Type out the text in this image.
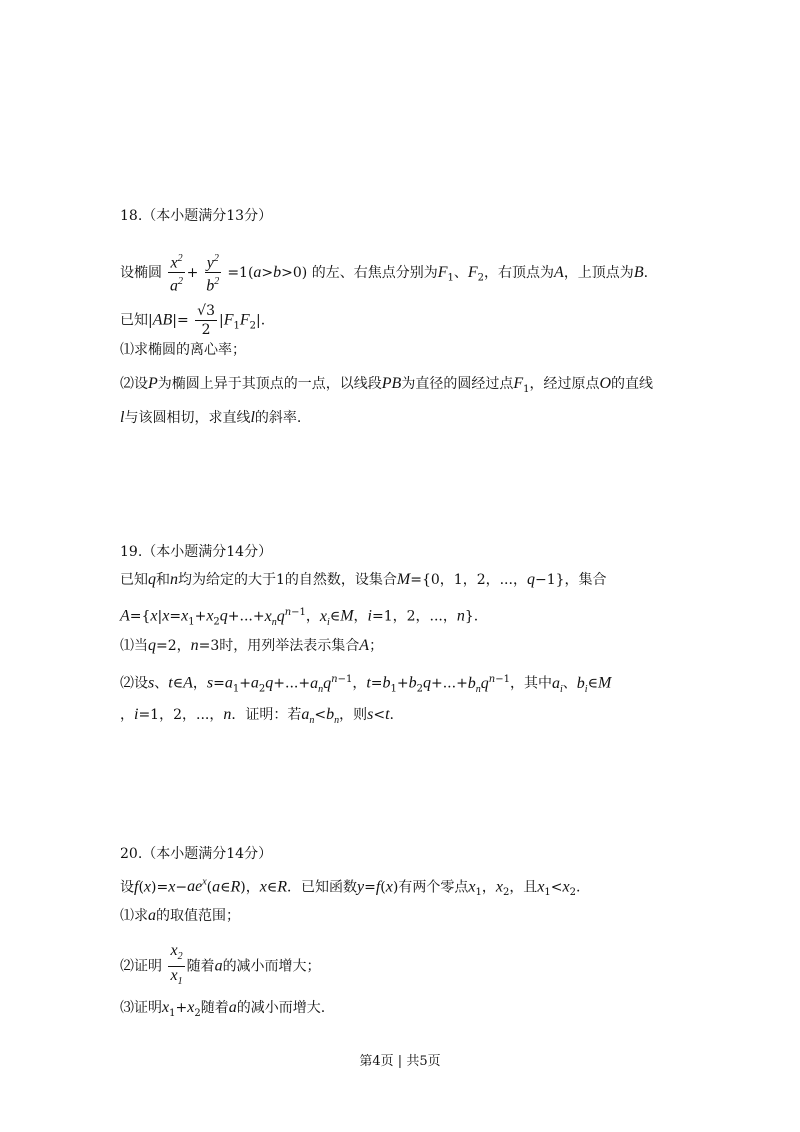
18.（本小题满分13分）
设椭圆 $\frac{x^2}{a^2} + \frac{y^2}{b^2} =1(a>b>0)$ 的左、右焦点分别为$F_1$、$F_2$，右顶点为A，上顶点为B.
已知$|AB|= \frac{√3}{2} |F_1F_2|$.
⑴求椭圆的离心率；
⑵设P为椭圆上异于其顶点的一点，以线段PB为直径的圆经过点$F_1$，经过原点O的直线
l与该圆相切，求直线l的斜率.
19.（本小题满分14分）
已知q和n均为给定的大于1的自然数，设集合M={0，1，2，...，q−1}，集合
$A=\{x|x=x_1+x_2q+...+x_nq^{n-1}$，$x_i\in M$，i=1，2，...，n}.
⑴当q=2，n=3时，用列举法表示集合A；
⑵设s、t∈A，$s=a_1+a_2q+...+a_nq^{n-1}$，$t=b_1+b_2q+...+b_nq^{n-1}$，其中$a_i$、$b_i\in M$
，i=1，2，...，n．证明：若$a_n<b_n$，则s<t.
20.（本小题满分14分）
设$f(x)=x-ae^x(a\in R)$，x∈R．已知函数y=f(x)有两个零点$x_1$，$x_2$，且$x_1<x_2$.
⑴求a的取值范围；
⑵证明 $\frac{x_2}{x_1}$ 随着a的减小而增大；
⑶证明$x_1+x_2$随着a的减小而增大.
第4页 | 共5页
